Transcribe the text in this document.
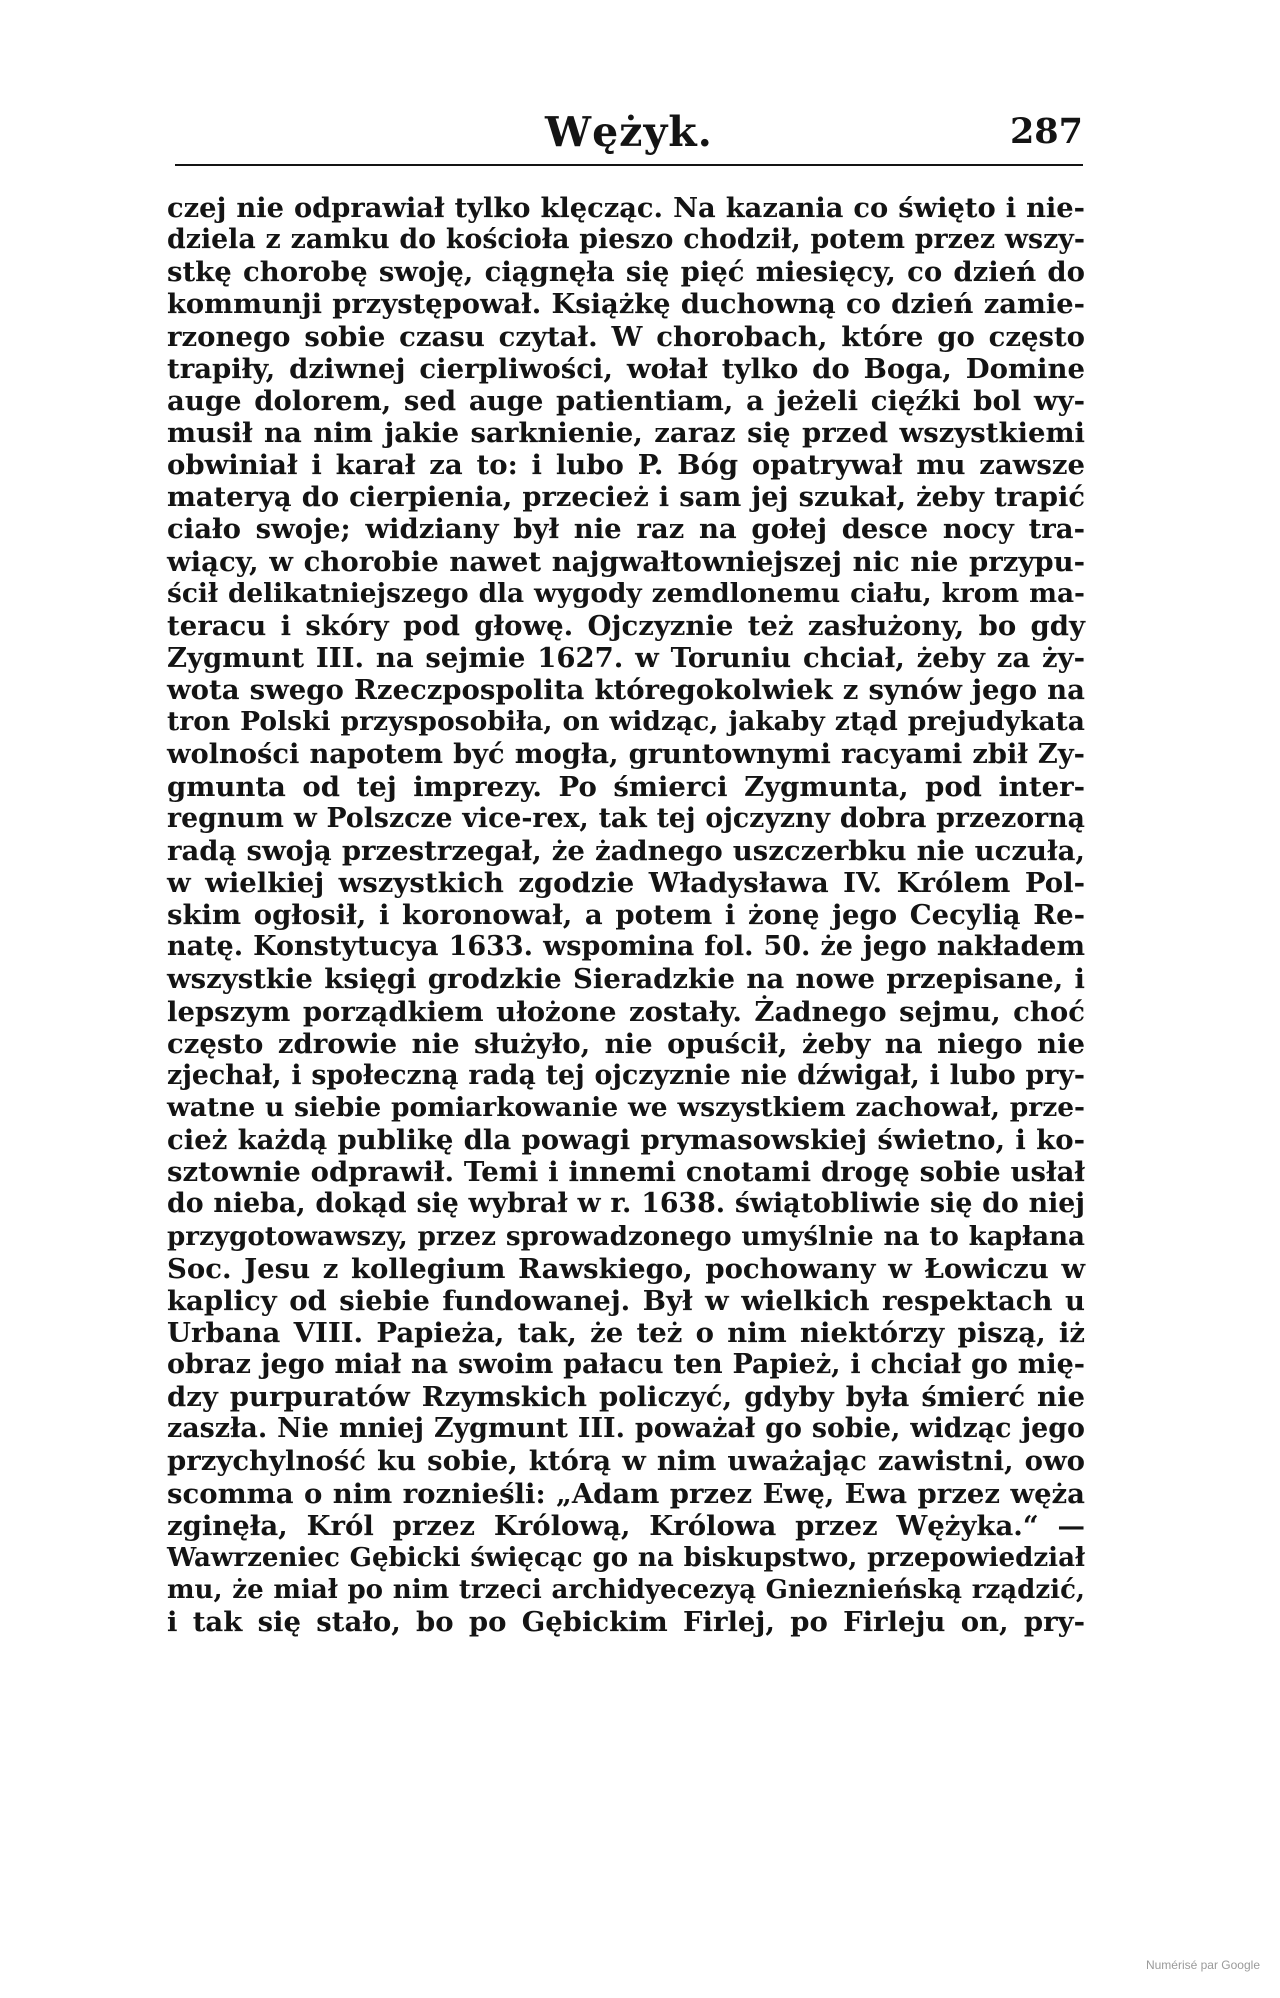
Wężyk.	287
czej nie odprawiał tylko klęcząc. Na kazania co święto i nie-
dziela z zamku do kościoła pieszo chodził, potem przez wszy-
stkę chorobę swoję, ciągnęła się pięć miesięcy, co dzień do
kommunji przystępował. Książkę duchowną co dzień zamie-
rzonego sobie czasu czytał. W chorobach, które go często
trapiły, dziwnej cierpliwości, wołał tylko do Boga, Domine
auge dolorem, sed auge patientiam, a jeżeli cięźki bol wy-
musił na nim jakie sarknienie, zaraz się przed wszystkiemi
obwiniał i karał za to: i lubo P. Bóg opatrywał mu zawsze
materyą do cierpienia, przecież i sam jej szukał, żeby trapić
ciało swoje; widziany był nie raz na gołej desce nocy tra-
wiący, w chorobie nawet najgwałtowniejszej nic nie przypu-
ścił delikatniejszego dla wygody zemdlonemu ciału, krom ma-
teracu i skóry pod głowę. Ojczyznie też zasłużony, bo gdy
Zygmunt III. na sejmie 1627. w Toruniu chciał, żeby za ży-
wota swego Rzeczpospolita któregokolwiek z synów jego na
tron Polski przysposobiła, on widząc, jakaby ztąd prejudykata
wolności napotem być mogła, gruntownymi racyami zbił Zy-
gmunta od tej imprezy. Po śmierci Zygmunta, pod inter-
regnum w Polszcze vice-rex, tak tej ojczyzny dobra przezorną
radą swoją przestrzegał, że żadnego uszczerbku nie uczuła,
w wielkiej wszystkich zgodzie Władysława IV. Królem Pol-
skim ogłosił, i koronował, a potem i żonę jego Cecylią Re-
natę. Konstytucya 1633. wspomina fol. 50. że jego nakładem
wszystkie księgi grodzkie Sieradzkie na nowe przepisane, i
lepszym porządkiem ułożone zostały. Żadnego sejmu, choć
często zdrowie nie służyło, nie opuścił, żeby na niego nie
zjechał, i społeczną radą tej ojczyznie nie dźwigał, i lubo pry-
watne u siebie pomiarkowanie we wszystkiem zachował, prze-
cież każdą publikę dla powagi prymasowskiej świetno, i ko-
sztownie odprawił. Temi i innemi cnotami drogę sobie usłał
do nieba, dokąd się wybrał w r. 1638. świątobliwie się do niej
przygotowawszy, przez sprowadzonego umyślnie na to kapłana
Soc. Jesu z kollegium Rawskiego, pochowany w Łowiczu w
kaplicy od siebie fundowanej. Był w wielkich respektach u
Urbana VIII. Papieża, tak, że też o nim niektórzy piszą, iż
obraz jego miał na swoim pałacu ten Papież, i chciał go mię-
dzy purpuratów Rzymskich policzyć, gdyby była śmierć nie
zaszła. Nie mniej Zygmunt III. poważał go sobie, widząc jego
przychylność ku sobie, którą w nim uważając zawistni, owo
scomma o nim roznieśli: „Adam przez Ewę, Ewa przez węża
zginęła, Król przez Królową, Królowa przez Wężyka.“ —
Wawrzeniec Gębicki święcąc go na biskupstwo, przepowiedział
mu, że miał po nim trzeci archidyecezyą Gnieznieńską rządzić,
i tak się stało, bo po Gębickim Firlej, po Firleju on, pry-
Numérisé par Google
